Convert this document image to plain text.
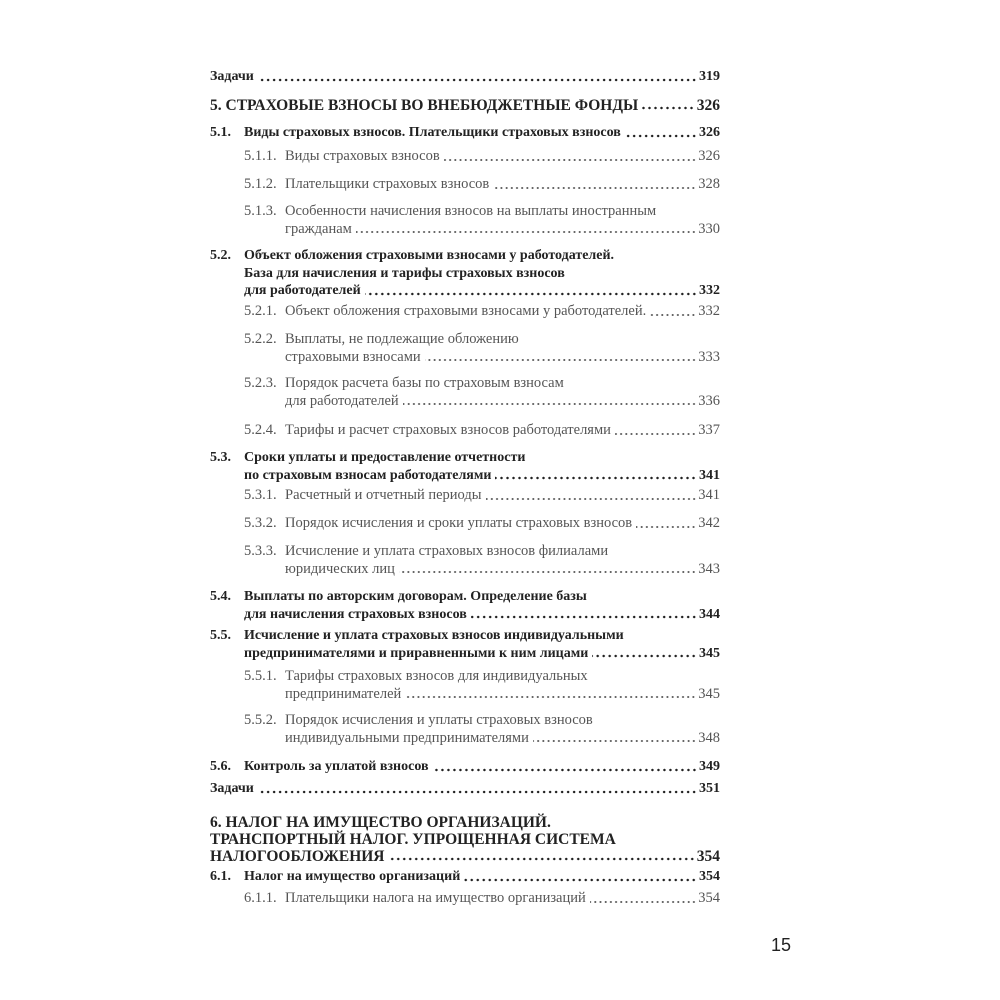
Задачи	319
5. СТРАХОВЫЕ ВЗНОСЫ ВО ВНЕБЮДЖЕТНЫЕ ФОНДЫ	326
5.1. Виды страховых взносов. Плательщики страховых взносов	326
5.1.1. Виды страховых взносов	326
5.1.2. Плательщики страховых взносов	328
5.1.3. Особенности начисления взносов на выплаты иностранным
гражданам	330
5.2. Объект обложения страховыми взносами у работодателей.
База для начисления и тарифы страховых взносов
для работодателей	332
5.2.1. Объект обложения страховыми взносами у работодателей.	332
5.2.2. Выплаты, не подлежащие обложению
страховыми взносами	333
5.2.3. Порядок расчета базы по страховым взносам
для работодателей	336
5.2.4. Тарифы и расчет страховых взносов работодателями	337
5.3. Сроки уплаты и предоставление отчетности
по страховым взносам работодателями	341
5.3.1. Расчетный и отчетный периоды	341
5.3.2. Порядок исчисления и сроки уплаты страховых взносов	342
5.3.3. Исчисление и уплата страховых взносов филиалами
юридических лиц	343
5.4. Выплаты по авторским договорам. Определение базы
для начисления страховых взносов	344
5.5. Исчисление и уплата страховых взносов индивидуальными
предпринимателями и приравненными к ним лицами	345
5.5.1. Тарифы страховых взносов для индивидуальных
предпринимателей	345
5.5.2. Порядок исчисления и уплаты страховых взносов
индивидуальными предпринимателями	348
5.6. Контроль за уплатой взносов	349
Задачи	351
6. НАЛОГ НА ИМУЩЕСТВО ОРГАНИЗАЦИЙ.
ТРАНСПОРТНЫЙ НАЛОГ. УПРОЩЕННАЯ СИСТЕМА
НАЛОГООБЛОЖЕНИЯ	354
6.1. Налог на имущество организаций	354
6.1.1. Плательщики налога на имущество организаций	354
15
